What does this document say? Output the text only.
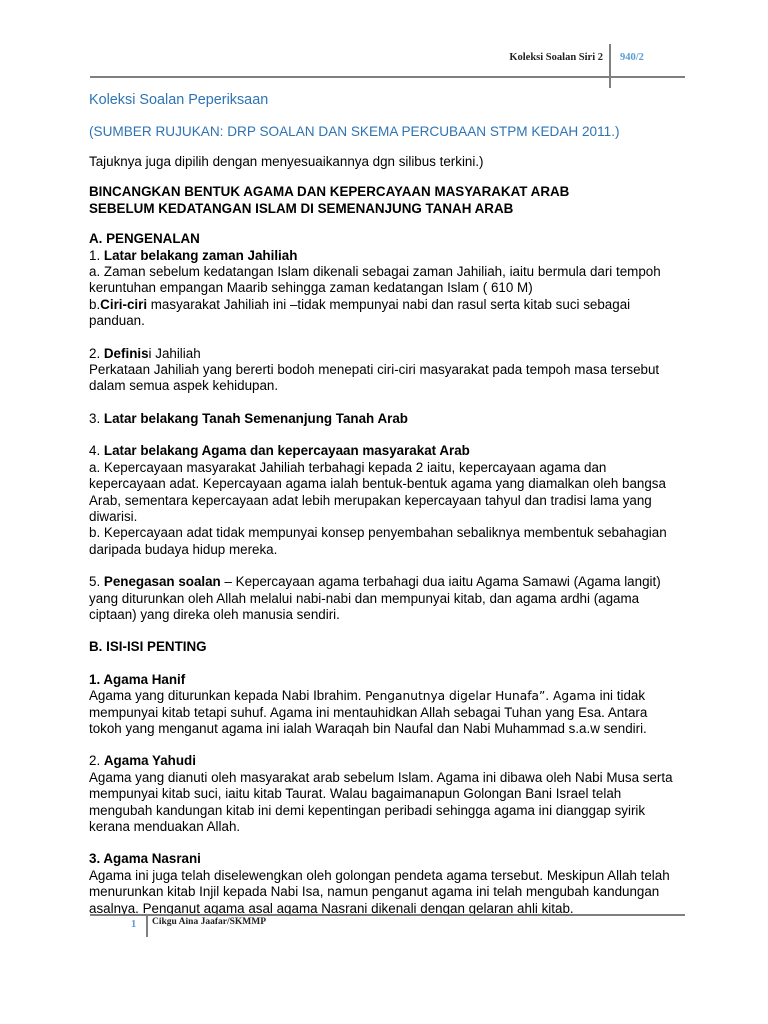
Koleksi Soalan Siri 2 940/2

Koleksi Soalan Peperiksaan

(SUMBER RUJUKAN: DRP SOALAN DAN SKEMA PERCUBAAN STPM KEDAH 2011.)

Tajuknya juga dipilih dengan menyesuaikannya dgn silibus terkini.)

BINCANGKAN BENTUK AGAMA DAN KEPERCAYAAN MASYARAKAT ARAB

SEBELUM KEDATANGAN ISLAM DI SEMENANJUNG TANAH ARAB

A. PENGENALAN

1. Latar belakang zaman Jahiliah

a. Zaman sebelum kedatangan Islam dikenali sebagai zaman Jahiliah, iaitu bermula dari tempoh keruntuhan empangan Maarib sehingga zaman kedatangan Islam ( 610 M)

b.Ciri-ciri masyarakat Jahiliah ini –tidak mempunyai nabi dan rasul serta kitab suci sebagai panduan.

2. Definisi Jahiliah

Perkataan Jahiliah yang bererti bodoh menepati ciri-ciri masyarakat pada tempoh masa tersebut dalam semua aspek kehidupan.

3. Latar belakang Tanah Semenanjung Tanah Arab

4. Latar belakang Agama dan kepercayaan masyarakat Arab

a. Kepercayaan masyarakat Jahiliah terbahagi kepada 2 iaitu, kepercayaan agama dan kepercayaan adat. Kepercayaan agama ialah bentuk-bentuk agama yang diamalkan oleh bangsa Arab, sementara kepercayaan adat lebih merupakan kepercayaan tahyul dan tradisi lama yang diwarisi.

b. Kepercayaan adat tidak mempunyai konsep penyembahan sebaliknya membentuk sebahagian daripada budaya hidup mereka.

5. Penegasan soalan – Kepercayaan agama terbahagi dua iaitu Agama Samawi (Agama langit) yang diturunkan oleh Allah melalui nabi-nabi dan mempunyai kitab, dan agama ardhi (agama ciptaan) yang direka oleh manusia sendiri.

B. ISI-ISI PENTING

1. Agama Hanif

Agama yang diturunkan kepada Nabi Ibrahim. Penganutnya digelar Hunafa”. Agama ini tidak mempunyai kitab tetapi suhuf. Agama ini mentauhidkan Allah sebagai Tuhan yang Esa. Antara tokoh yang menganut agama ini ialah Waraqah bin Naufal dan Nabi Muhammad s.a.w sendiri.

2. Agama Yahudi

Agama yang dianuti oleh masyarakat arab sebelum Islam. Agama ini dibawa oleh Nabi Musa serta mempunyai kitab suci, iaitu kitab Taurat. Walau bagaimanapun Golongan Bani Israel telah mengubah kandungan kitab ini demi kepentingan peribadi sehingga agama ini dianggap syirik kerana menduakan Allah.

3. Agama Nasrani

Agama ini juga telah diselewengkan oleh golongan pendeta agama tersebut. Meskipun Allah telah menurunkan kitab Injil kepada Nabi Isa, namun penganut agama ini telah mengubah kandungan asalnya. Penganut agama asal agama Nasrani dikenali dengan gelaran ahli kitab.

1 Cikgu Aina Jaafar/SKMMP
